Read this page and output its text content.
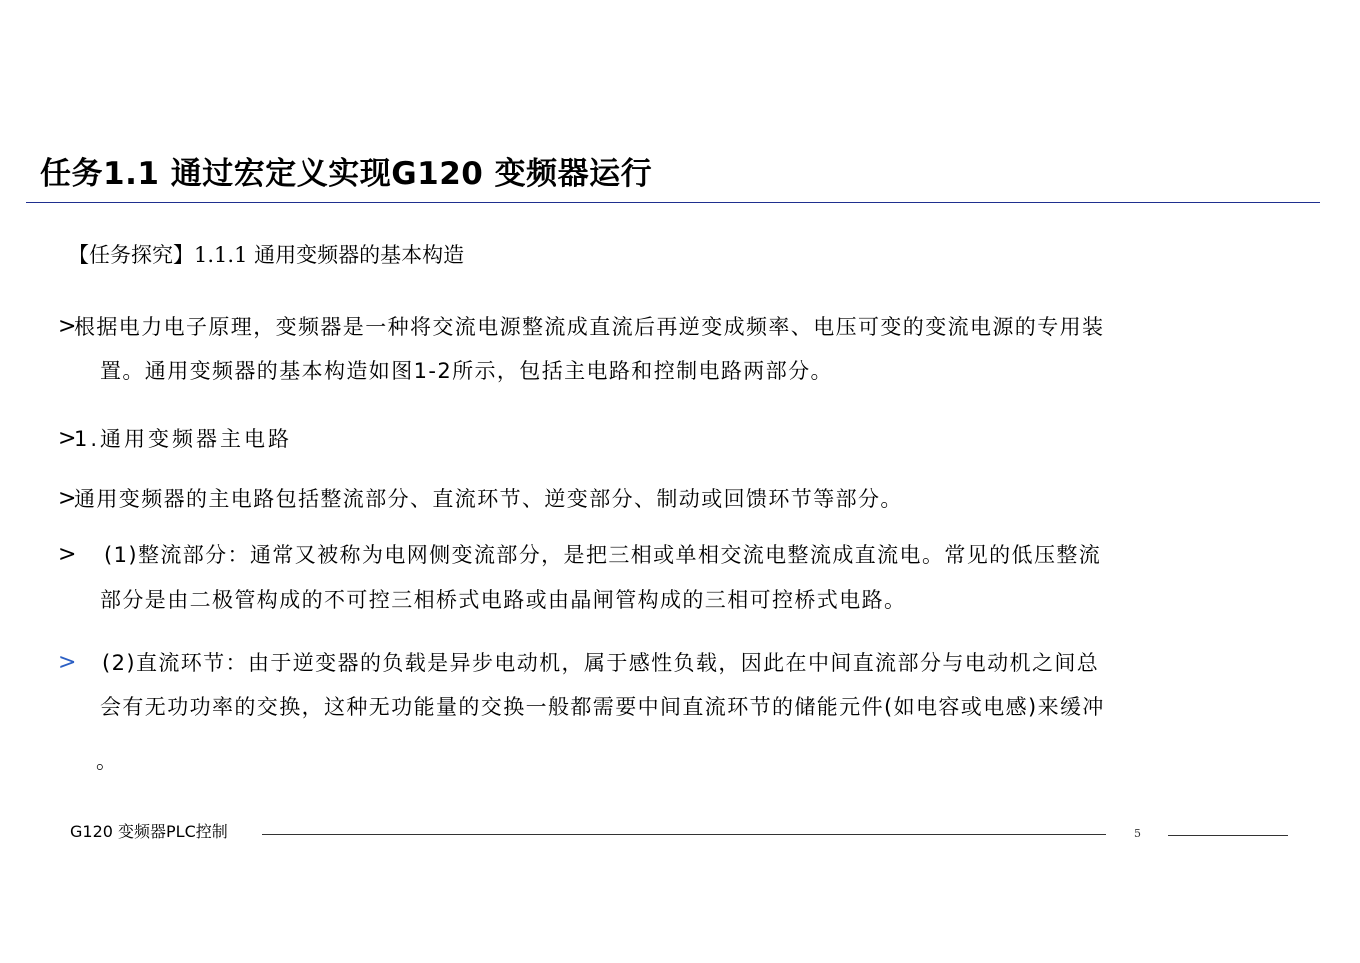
任务1.1 通过宏定义实现G120 变频器运行
【任务探究】1.1.1 通用变频器的基本构造
>
根据电力电子原理，变频器是一种将交流电源整流成直流后再逆变成频率、电压可变的变流电源的专用装
置。通用变频器的基本构造如图1-2所示，包括主电路和控制电路两部分。
>
1.通用变频器主电路
>
通用变频器的主电路包括整流部分、直流环节、逆变部分、制动或回馈环节等部分。
> (1)整流部分：通常又被称为电网侧变流部分，是把三相或单相交流电整流成直流电。常见的低压整流
部分是由二极管构成的不可控三相桥式电路或由晶闸管构成的三相可控桥式电路。
> (2)直流环节：由于逆变器的负载是异步电动机，属于感性负载，因此在中间直流部分与电动机之间总
会有无功功率的交换，这种无功能量的交换一般都需要中间直流环节的储能元件(如电容或电感)来缓冲
。
G120 变频器PLC控制	5
